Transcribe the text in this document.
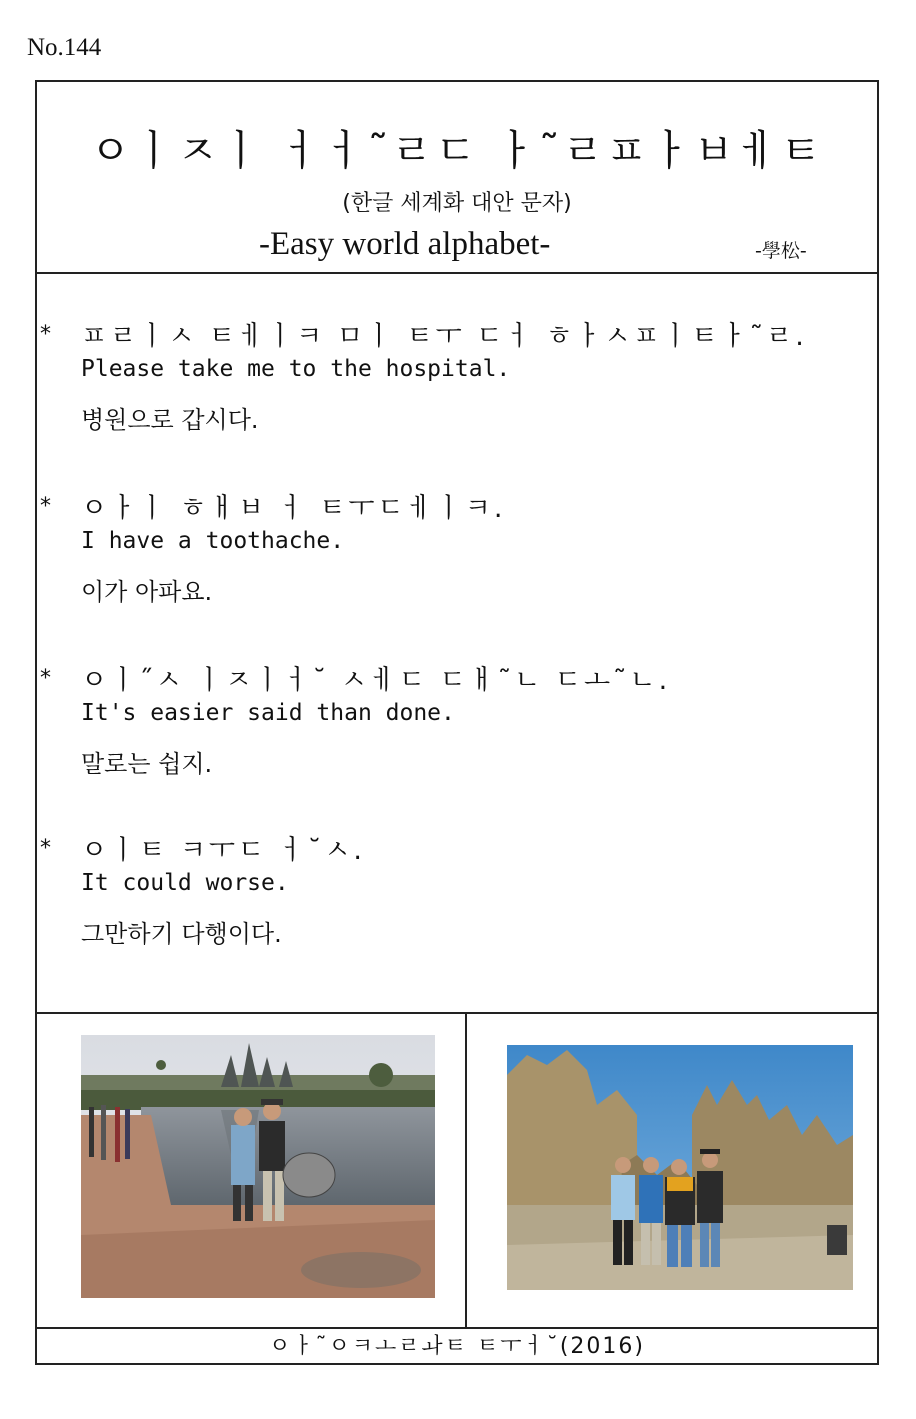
No.144
ㅇㅣㅈㅣ ㅓㅓ˜ㄹㄷ ㅏ˜ㄹㅍㅏㅂㅔㅌ
(한글 세계화 대안 문자)
-Easy world alphabet-	-學松-
* ㅍㄹㅣㅅ ㅌㅔㅣㅋ ㅁㅣ ㅌㅜ ㄷㅓ ㅎㅏㅅㅍㅣㅌㅏ˜ㄹ.
Please take me to the hospital.
병원으로 갑시다.
* ㅇㅏㅣ ㅎㅐㅂ ㅓ ㅌㅜㄷㅔㅣㅋ.
I have a toothache.
이가 아파요.
* ㅇㅣ˝ㅅ ㅣㅈㅣㅓ˘ ㅅㅔㄷ ㄷㅐ˜ㄴ ㄷㅗ˜ㄴ.
It's easier said than done.
말로는 쉽지.
* ㅇㅣㅌ ㅋㅜㄷ ㅓ˘ㅅ.
It could worse.
그만하기 다행이다.
ㅇㅏ˜ㅇㅋㅗㄹㅘㅌ ㅌㅜㅓ˘(2016)
